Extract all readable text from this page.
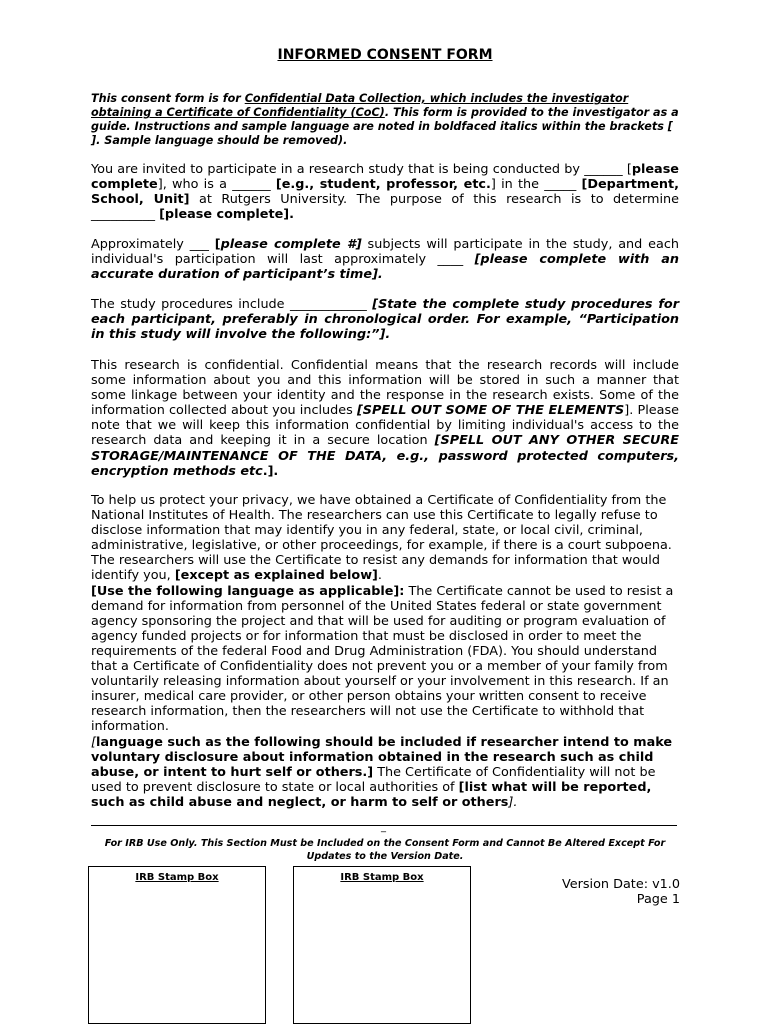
INFORMED CONSENT FORM
This consent form is for Confidential Data Collection, which includes the investigator obtaining a Certificate of Confidentiality (CoC). This form is provided to the investigator as a guide. Instructions and sample language are noted in boldfaced italics within the brackets [ ]. Sample language should be removed).
You are invited to participate in a research study that is being conducted by ______ [please complete], who is a ______ [e.g., student, professor, etc.] in the _____ [Department, School, Unit] at Rutgers University. The purpose of this research is to determine __________ [please complete].
Approximately ___ [please complete #] subjects will participate in the study, and each individual's participation will last approximately ____ [please complete with an accurate duration of participant’s time].
The study procedures include ____________ [State the complete study procedures for each participant, preferably in chronological order. For example, “Participation in this study will involve the following:”].
This research is confidential. Confidential means that the research records will include some information about you and this information will be stored in such a manner that some linkage between your identity and the response in the research exists. Some of the information collected about you includes [SPELL OUT SOME OF THE ELEMENTS]. Please note that we will keep this information confidential by limiting individual's access to the research data and keeping it in a secure location [SPELL OUT ANY OTHER SECURE STORAGE/MAINTENANCE OF THE DATA, e.g., password protected computers, encryption methods etc.].
To help us protect your privacy, we have obtained a Certificate of Confidentiality from the National Institutes of Health. The researchers can use this Certificate to legally refuse to disclose information that may identify you in any federal, state, or local civil, criminal, administrative, legislative, or other proceedings, for example, if there is a court subpoena. The researchers will use the Certificate to resist any demands for information that would identify you, [except as explained below].
[Use the following language as applicable]: The Certificate cannot be used to resist a demand for information from personnel of the United States federal or state government agency sponsoring the project and that will be used for auditing or program evaluation of agency funded projects or for information that must be disclosed in order to meet the requirements of the federal Food and Drug Administration (FDA). You should understand that a Certificate of Confidentiality does not prevent you or a member of your family from voluntarily releasing information about yourself or your involvement in this research. If an insurer, medical care provider, or other person obtains your written consent to receive research information, then the researchers will not use the Certificate to withhold that information.
[language such as the following should be included if researcher intend to make voluntary disclosure about information obtained in the research such as child abuse, or intent to hurt self or others.] The Certificate of Confidentiality will not be used to prevent disclosure to state or local authorities of [list what will be reported, such as child abuse and neglect, or harm to self or others].
_
For IRB Use Only. This Section Must be Included on the Consent Form and Cannot Be Altered Except For Updates to the Version Date.
IRB Stamp Box	IRB Stamp Box	Version Date: v1.0
Page 1
